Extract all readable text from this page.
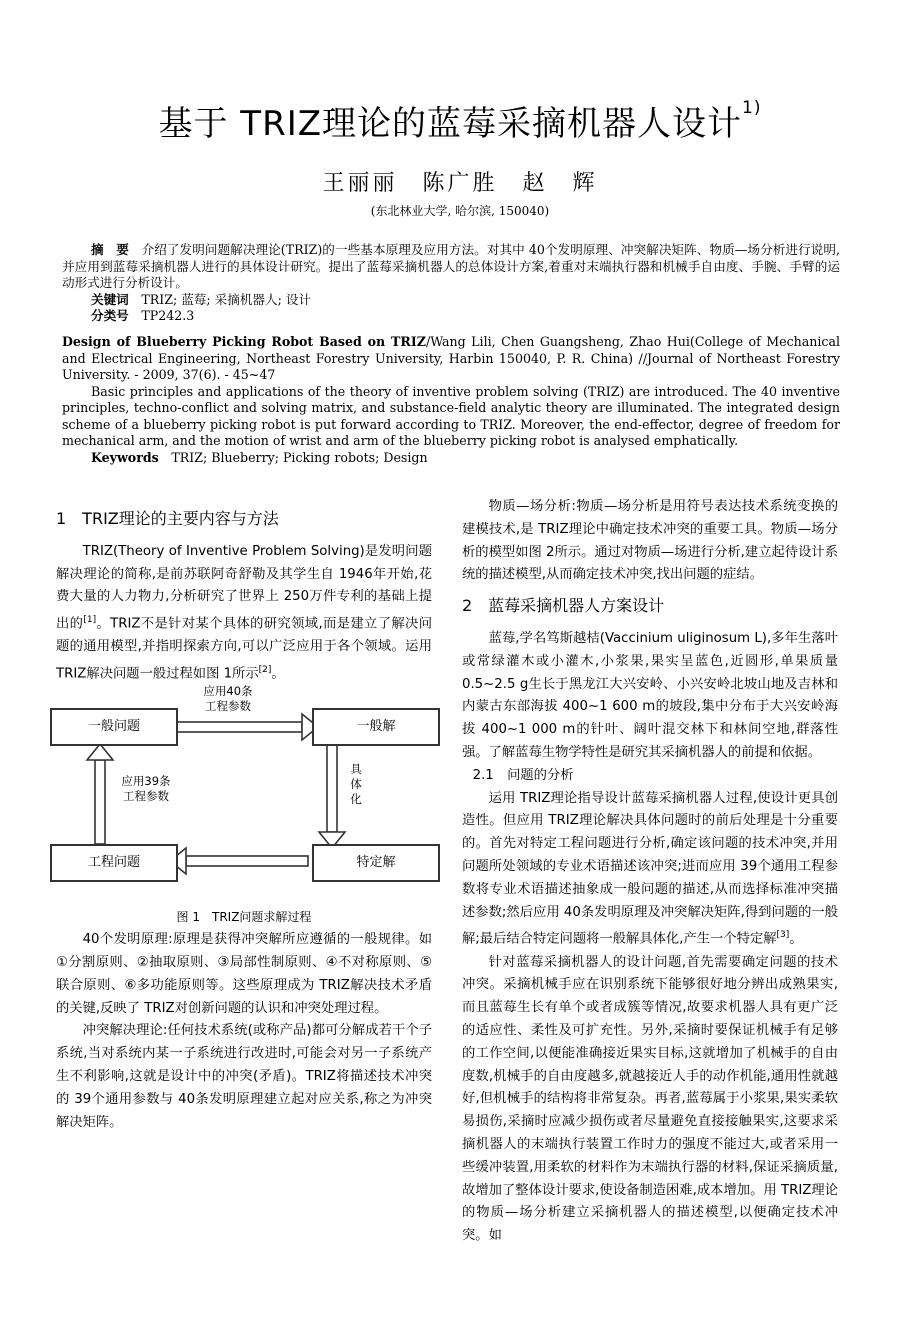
基于 TRIZ理论的蓝莓采摘机器人设计$^{1)}$
王丽丽　陈广胜　赵　辉
(东北林业大学, 哈尔滨, 150040)

摘　要　 介绍了发明问题解决理论(TRIZ)的一些基本原理及应用方法。对其中 40个发明原理、冲突解决矩阵、物质—场分析进行说明,并应用到蓝莓采摘机器人进行的具体设计研究。提出了蓝莓采摘机器人的总体设计方案,着重对末端执行器和机械手自由度、手腕、手臂的运动形式进行分析设计。

关键词　 TRIZ; 蓝莓; 采摘机器人; 设计

分类号　 TP242.3

Design of Blueberry Picking Robot Based on TRIZ/Wang Lili, Chen Guangsheng, Zhao Hui(College of Mechanical and Electrical Engineering, Northeast Forestry University, Harbin 150040, P. R. China) //Journal of Northeast Forestry University. - 2009, 37(6). - 45~47

Basic principles and applications of the theory of inventive problem solving (TRIZ) are introduced. The 40 inventive principles, techno-conflict and solving matrix, and substance-field analytic theory are illuminated. The integrated design scheme of a blueberry picking robot is put forward according to TRIZ. Moreover, the end-effector, degree of freedom for mechanical arm, and the motion of wrist and arm of the blueberry picking robot is analysed emphatically.

Keywords　 TRIZ; Blueberry; Picking robots; Design

1　TRIZ理论的主要内容与方法

TRIZ(Theory of Inventive Problem Solving)是发明问题解决理论的简称,是前苏联阿奇舒勒及其学生自 1946年开始,花费大量的人力物力,分析研究了世界上 250万件专利的基础上提出的[1]。TRIZ不是针对某个具体的研究领域,而是建立了解决问题的通用模型,并指明探索方向,可以广泛应用于各个领域。运用 TRIZ解决问题一般过程如图 1所示[2]。

一般问题	一般解
工程问题	特定解
应用40条
工程参数
应用39条
工程参数
具
体
化
图 1　TRIZ问题求解过程

40个发明原理:原理是获得冲突解所应遵循的一般规律。如①分割原则、②抽取原则、③局部性制原则、④不对称原则、⑤联合原则、⑥多功能原则等。这些原理成为 TRIZ解决技术矛盾的关键,反映了 TRIZ对创新问题的认识和冲突处理过程。

冲突解决理论:任何技术系统(或称产品)都可分解成若干个子系统,当对系统内某一子系统进行改进时,可能会对另一子系统产生不利影响,这就是设计中的冲突(矛盾)。TRIZ将描述技术冲突的 39个通用参数与 40条发明原理建立起对应关系,称之为冲突解决矩阵。

物质—场分析:物质—场分析是用符号表达技术系统变换的建模技术,是 TRIZ理论中确定技术冲突的重要工具。物质—场分析的模型如图 2所示。通过对物质—场进行分析,建立起待设计系统的描述模型,从而确定技术冲突,找出问题的症结。

2　蓝莓采摘机器人方案设计

蓝莓,学名笃斯越桔(Vaccinium uliginosum L),多年生落叶或常绿灌木或小灌木,小浆果,果实呈蓝色,近圆形,单果质量 0.5~2.5 g生长于黑龙江大兴安岭、小兴安岭北坡山地及吉林和内蒙古东部海拔 400~1 600 m的坡段,集中分布于大兴安岭海拔 400~1 000 m的针叶、阔叶混交林下和林间空地,群落性强。了解蓝莓生物学特性是研究其采摘机器人的前提和依据。

2.1　问题的分析

运用 TRIZ理论指导设计蓝莓采摘机器人过程,使设计更具创造性。但应用 TRIZ理论解决具体问题时的前后处理是十分重要的。首先对特定工程问题进行分析,确定该问题的技术冲突,并用问题所处领域的专业术语描述该冲突;进而应用 39个通用工程参数将专业术语描述抽象成一般问题的描述,从而选择标准冲突描述参数;然后应用 40条发明原理及冲突解决矩阵,得到问题的一般解;最后结合特定问题将一般解具体化,产生一个特定解[3]。

针对蓝莓采摘机器人的设计问题,首先需要确定问题的技术冲突。采摘机械手应在识别系统下能够很好地分辨出成熟果实,而且蓝莓生长有单个或者成簇等情况,故要求机器人具有更广泛的适应性、柔性及可扩充性。另外,采摘时要保证机械手有足够的工作空间,以便能准确接近果实目标,这就增加了机械手的自由度数,机械手的自由度越多,就越接近人手的动作机能,通用性就越好,但机械手的结构将非常复杂。再者,蓝莓属于小浆果,果实柔软易损伤,采摘时应减少损伤或者尽量避免直接接触果实,这要求采摘机器人的末端执行装置工作时力的强度不能过大,或者采用一些缓冲装置,用柔软的材料作为末端执行器的材料,保证采摘质量,故增加了整体设计要求,使设备制造困难,成本增加。用 TRIZ理论的物质—场分析建立采摘机器人的描述模型,以便确定技术冲突。如
